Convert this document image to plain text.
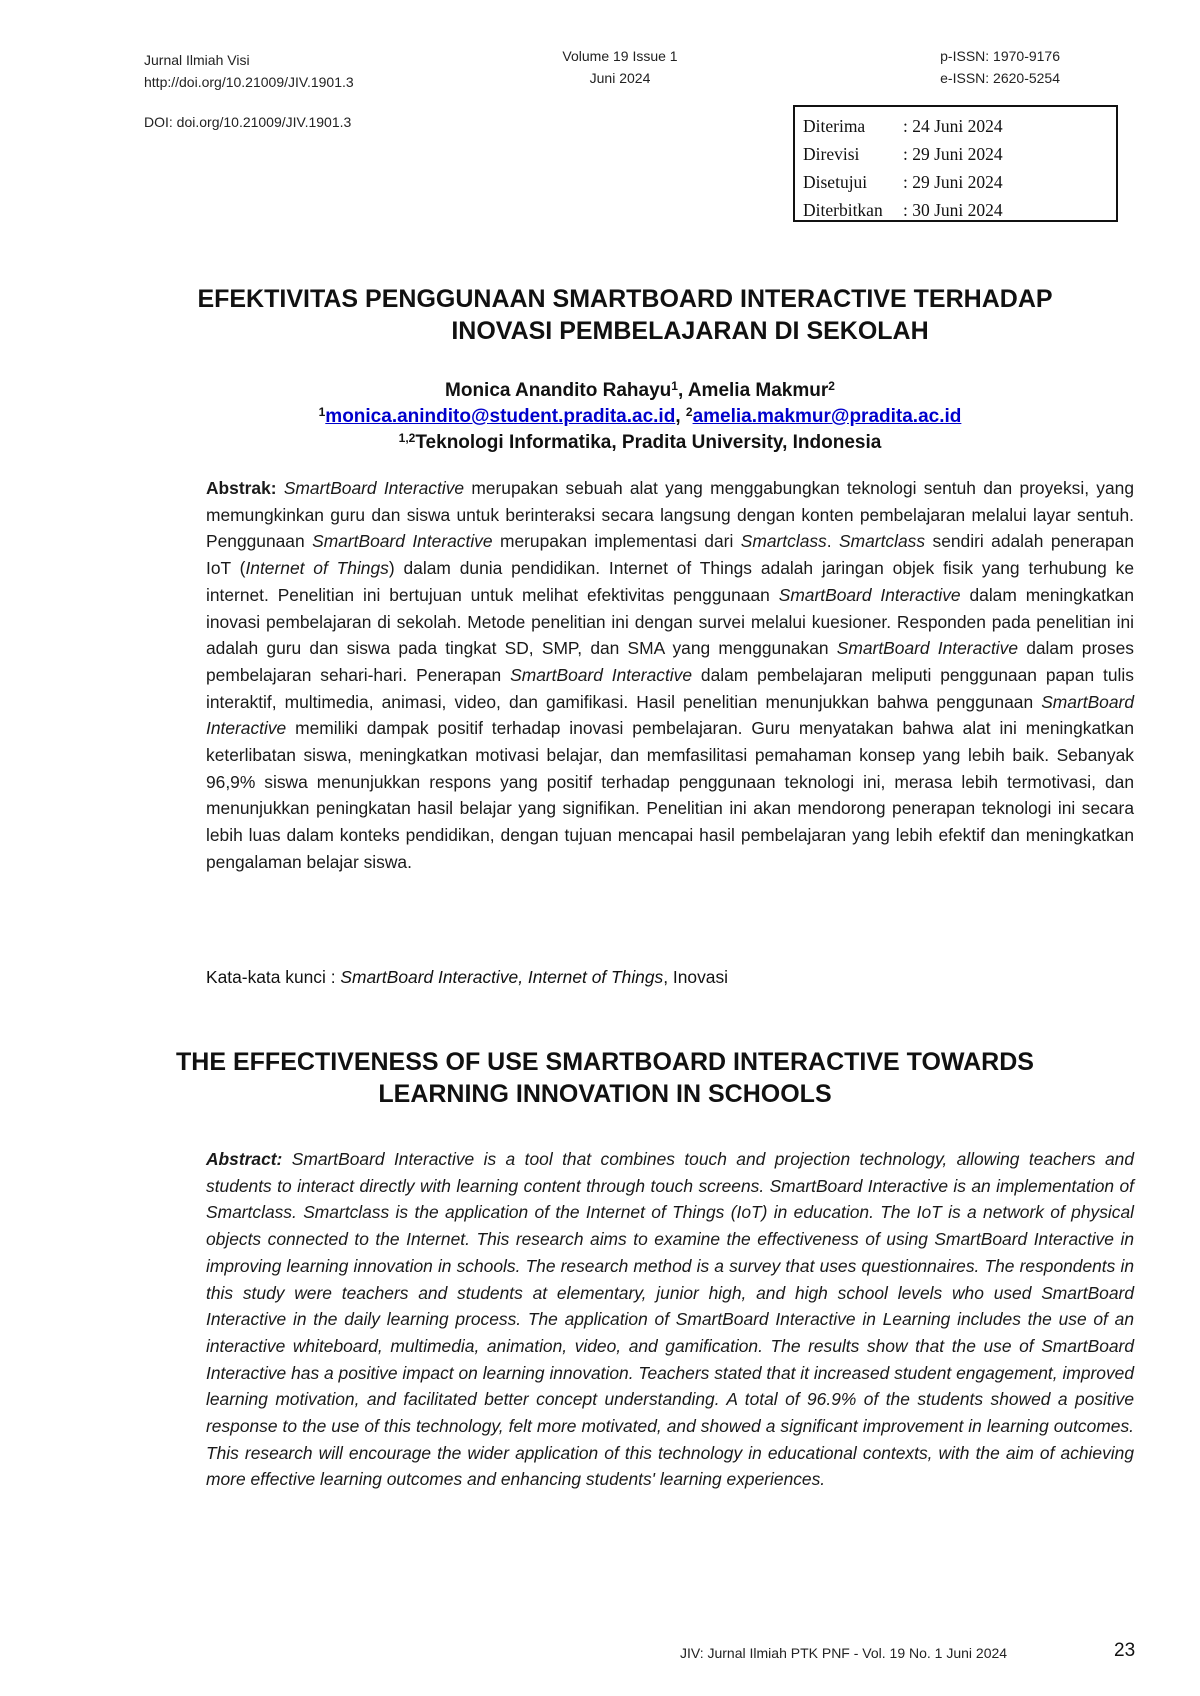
Jurnal Ilmiah Visi
http://doi.org/10.21009/JIV.1901.3
Volume 19 Issue 1
Juni 2024
p-ISSN: 1970-9176
e-ISSN: 2620-5254
DOI: doi.org/10.21009/JIV.1901.3	Diterima	: 24 Juni 2024
Direvisi	: 29 Juni 2024
Disetujui	: 29 Juni 2024
Diterbitkan	: 30 Juni 2024
EFEKTIVITAS PENGGUNAAN SMARTBOARD INTERACTIVE TERHADAP
INOVASI PEMBELAJARAN DI SEKOLAH
Monica Anandito Rahayu$^1$, Amelia Makmur$^2$
$^1$monica.aninditо@student.pradita.ac.id, $^2$amelia.makmur@pradita.ac.id
$^{1,2}$Teknologi Informatika, Pradita University, Indonesia
Abstrak: SmartBoard Interactive merupakan sebuah alat yang menggabungkan teknologi sentuh dan proyeksi, yang memungkinkan guru dan siswa untuk berinteraksi secara langsung dengan konten pembelajaran melalui layar sentuh. Penggunaan SmartBoard Interactive merupakan implementasi dari Smartclass. Smartclass sendiri adalah penerapan IoT (Internet of Things) dalam dunia pendidikan. Internet of Things adalah jaringan objek fisik yang terhubung ke internet. Penelitian ini bertujuan untuk melihat efektivitas penggunaan SmartBoard Interactive dalam meningkatkan inovasi pembelajaran di sekolah. Metode penelitian ini dengan survei melalui kuesioner. Responden pada penelitian ini adalah guru dan siswa pada tingkat SD, SMP, dan SMA yang menggunakan SmartBoard Interactive dalam proses pembelajaran sehari-hari. Penerapan SmartBoard Interactive dalam pembelajaran meliputi penggunaan papan tulis interaktif, multimedia, animasi, video, dan gamifikasi. Hasil penelitian menunjukkan bahwa penggunaan SmartBoard Interactive memiliki dampak positif terhadap inovasi pembelajaran. Guru menyatakan bahwa alat ini meningkatkan keterlibatan siswa, meningkatkan motivasi belajar, dan memfasilitasi pemahaman konsep yang lebih baik. Sebanyak 96,9% siswa menunjukkan respons yang positif terhadap penggunaan teknologi ini, merasa lebih termotivasi, dan menunjukkan peningkatan hasil belajar yang signifikan. Penelitian ini akan mendorong penerapan teknologi ini secara lebih luas dalam konteks pendidikan, dengan tujuan mencapai hasil pembelajaran yang lebih efektif dan meningkatkan pengalaman belajar siswa.
Kata-kata kunci : SmartBoard Interactive, Internet of Things, Inovasi
THE EFFECTIVENESS OF USE SMARTBOARD INTERACTIVE TOWARDS
LEARNING INNOVATION IN SCHOOLS
Abstract: SmartBoard Interactive is a tool that combines touch and projection technology, allowing teachers and students to interact directly with learning content through touch screens. SmartBoard Interactive is an implementation of Smartclass. Smartclass is the application of the Internet of Things (IoT) in education. The IoT is a network of physical objects connected to the Internet. This research aims to examine the effectiveness of using SmartBoard Interactive in improving learning innovation in schools. The research method is a survey that uses questionnaires. The respondents in this study were teachers and students at elementary, junior high, and high school levels who used SmartBoard Interactive in the daily learning process. The application of SmartBoard Interactive in Learning includes the use of an interactive whiteboard, multimedia, animation, video, and gamification. The results show that the use of SmartBoard Interactive has a positive impact on learning innovation. Teachers stated that it increased student engagement, improved learning motivation, and facilitated better concept understanding. A total of 96.9% of the students showed a positive response to the use of this technology, felt more motivated, and showed a significant improvement in learning outcomes. This research will encourage the wider application of this technology in educational contexts, with the aim of achieving more effective learning outcomes and enhancing students' learning experiences.
JIV: Jurnal Ilmiah PTK PNF - Vol. 19 No. 1 Juni 2024	23
